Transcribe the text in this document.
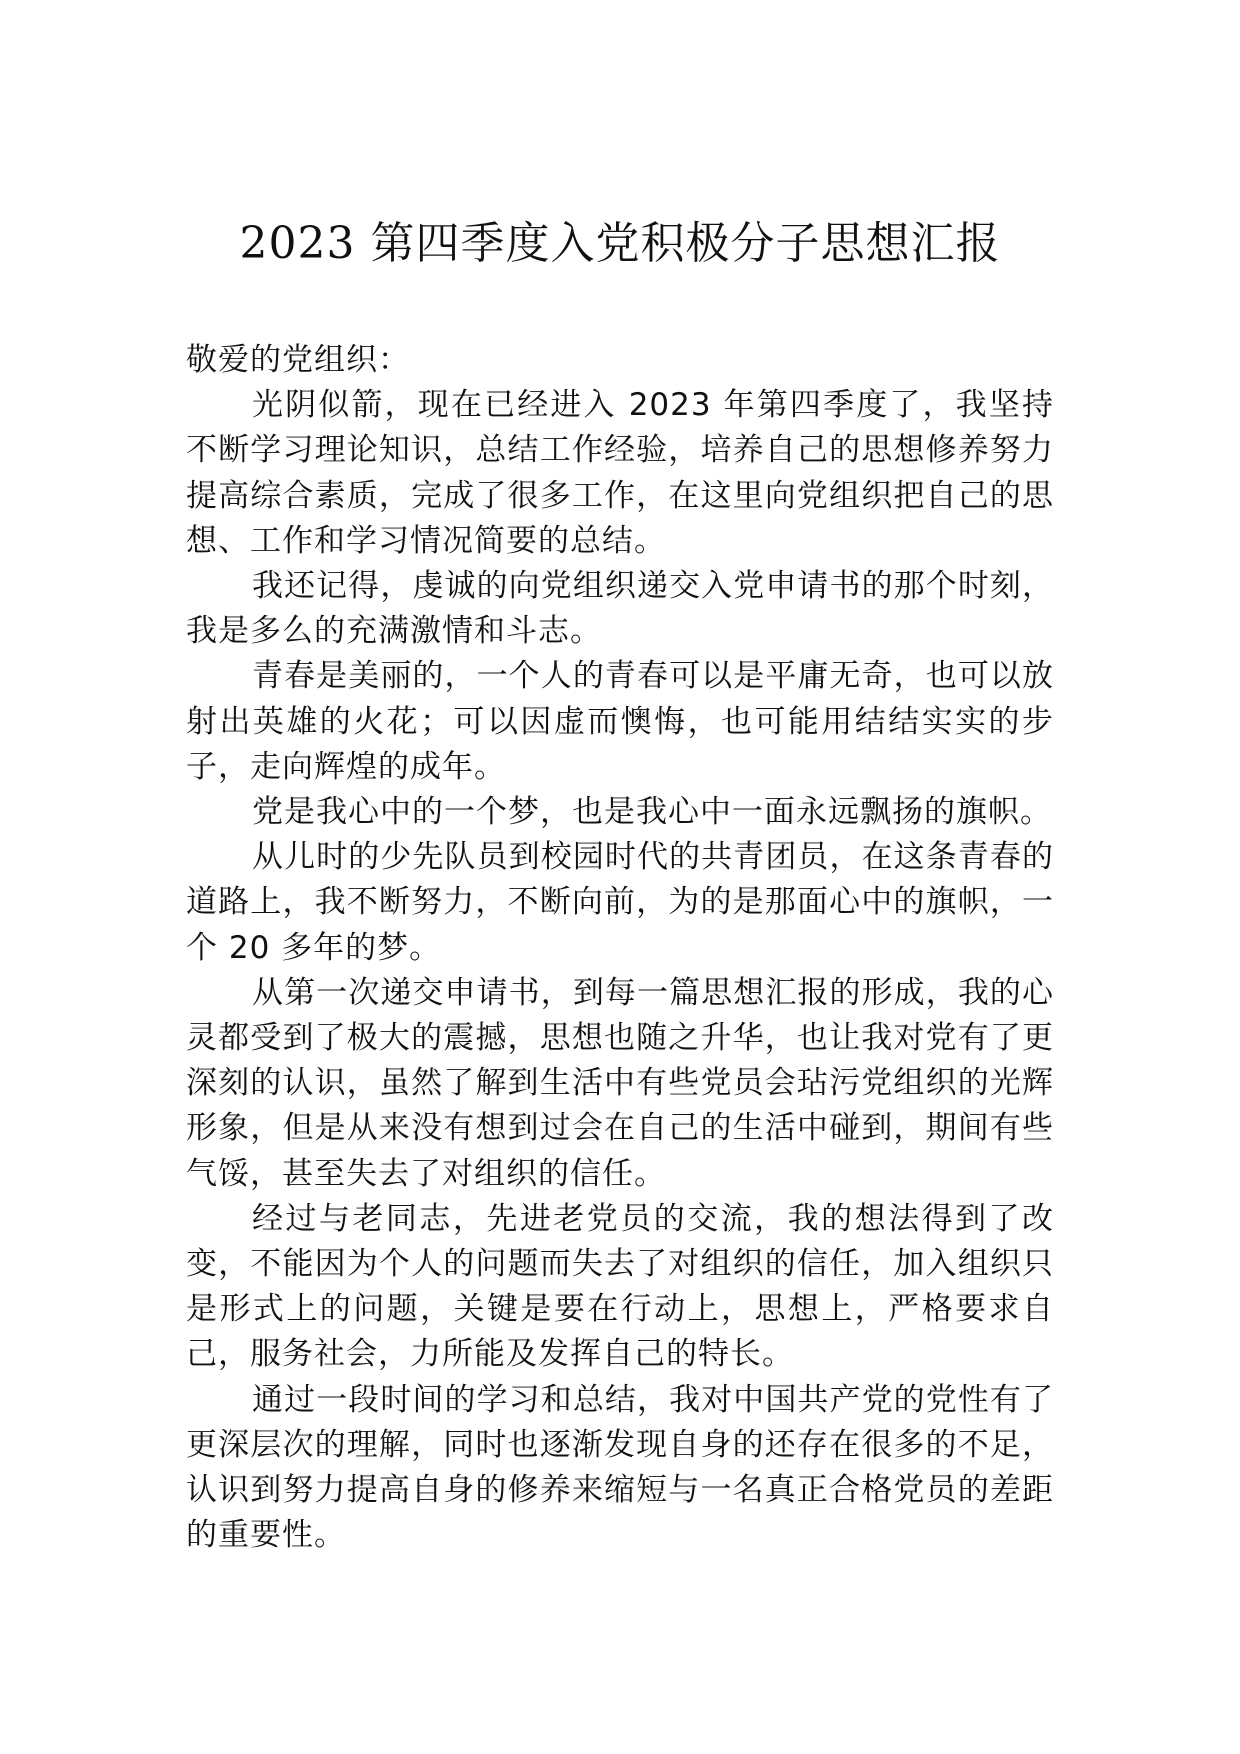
2023 第四季度入党积极分子思想汇报

敬爱的党组织：

光阴似箭，现在已经进入 2023 年第四季度了，我坚持不断学习理论知识，总结工作经验，培养自己的思想修养努力提高综合素质，完成了很多工作，在这里向党组织把自己的思想、工作和学习情况简要的总结。

我还记得，虔诚的向党组织递交入党申请书的那个时刻，我是多么的充满激情和斗志。

青春是美丽的，一个人的青春可以是平庸无奇，也可以放射出英雄的火花；可以因虚而懊悔，也可能用结结实实的步子，走向辉煌的成年。

党是我心中的一个梦，也是我心中一面永远飘扬的旗帜。

从儿时的少先队员到校园时代的共青团员，在这条青春的道路上，我不断努力，不断向前，为的是那面心中的旗帜，一个 20 多年的梦。

从第一次递交申请书，到每一篇思想汇报的形成，我的心灵都受到了极大的震撼，思想也随之升华，也让我对党有了更深刻的认识，虽然了解到生活中有些党员会玷污党组织的光辉形象，但是从来没有想到过会在自己的生活中碰到，期间有些气馁，甚至失去了对组织的信任。

经过与老同志，先进老党员的交流，我的想法得到了改变，不能因为个人的问题而失去了对组织的信任，加入组织只是形式上的问题，关键是要在行动上，思想上，严格要求自己，服务社会，力所能及发挥自己的特长。

通过一段时间的学习和总结，我对中国共产党的党性有了更深层次的理解，同时也逐渐发现自身的还存在很多的不足，认识到努力提高自身的修养来缩短与一名真正合格党员的差距的重要性。
